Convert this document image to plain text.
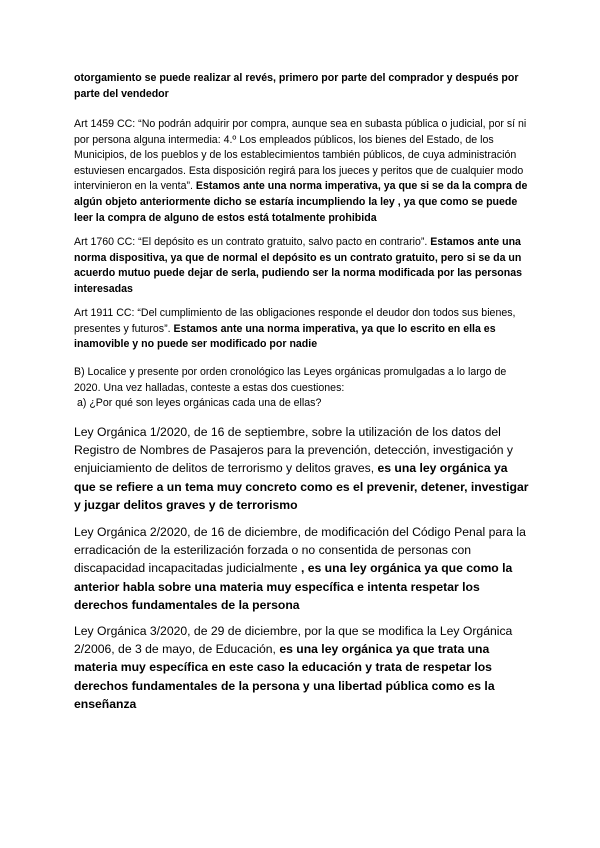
otorgamiento se puede realizar al revés, primero por parte del comprador y después por parte del vendedor

Art 1459 CC: “No podrán adquirir por compra, aunque sea en subasta pública o judicial, por sí ni por persona alguna intermedia: 4.º Los empleados públicos, los bienes del Estado, de los Municipios, de los pueblos y de los establecimientos también públicos, de cuya administración estuviesen encargados. Esta disposición regirá para los jueces y peritos que de cualquier modo intervinieron en la venta”. Estamos ante una norma imperativa, ya que si se da la compra de algún objeto anteriormente dicho se estaría incumpliendo la ley , ya que como se puede leer la compra de alguno de estos está totalmente prohibida

Art 1760 CC: “El depósito es un contrato gratuito, salvo pacto en contrario”. Estamos ante una norma dispositiva, ya que de normal el depósito es un contrato gratuito, pero si se da un acuerdo mutuo puede dejar de serla, pudiendo ser la norma modificada por las personas interesadas

Art 1911 CC: “Del cumplimiento de las obligaciones responde el deudor don todos sus bienes, presentes y futuros”. Estamos ante una norma imperativa, ya que lo escrito en ella es inamovible y no puede ser modificado por nadie

B) Localice y presente por orden cronológico las Leyes orgánicas promulgadas a lo largo de 2020. Una vez halladas, conteste a estas dos cuestiones:
a) ¿Por qué son leyes orgánicas cada una de ellas?

Ley Orgánica 1/2020, de 16 de septiembre, sobre la utilización de los datos del Registro de Nombres de Pasajeros para la prevención, detección, investigación y enjuiciamiento de delitos de terrorismo y delitos graves, es una ley orgánica ya que se refiere a un tema muy concreto como es el prevenir, detener, investigar y juzgar delitos graves y de terrorismo

Ley Orgánica 2/2020, de 16 de diciembre, de modificación del Código Penal para la erradicación de la esterilización forzada o no consentida de personas con discapacidad incapacitadas judicialmente , es una ley orgánica ya que como la anterior habla sobre una materia muy específica e intenta respetar los derechos fundamentales de la persona

Ley Orgánica 3/2020, de 29 de diciembre, por la que se modifica la Ley Orgánica 2/2006, de 3 de mayo, de Educación, es una ley orgánica ya que trata una materia muy específica en este caso la educación y trata de respetar los derechos fundamentales de la persona y una libertad pública como es la enseñanza
